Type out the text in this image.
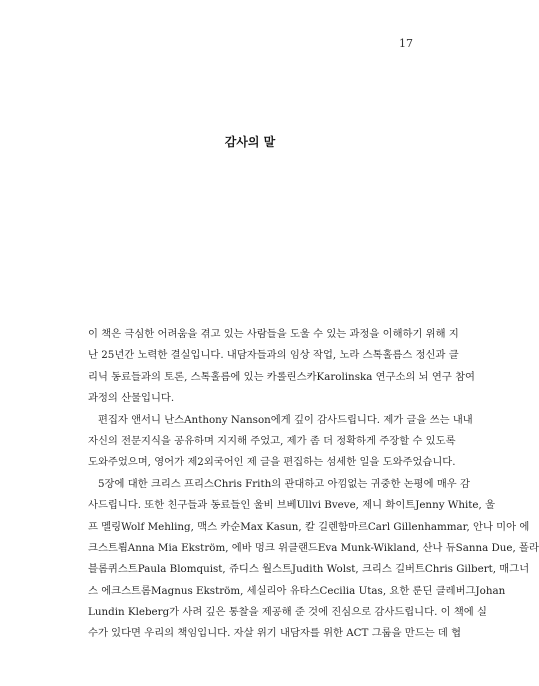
17
감사의 말
이 책은 극심한 어려움을 겪고 있는 사람들을 도울 수 있는 과정을 이해하기 위해 지
난 25년간 노력한 결실입니다. 내담자들과의 임상 작업, 노라 스톡홀름스 정신과 클
리닉 동료들과의 토론, 스톡홀름에 있는 카롤린스카Karolinska 연구소의 뇌 연구 참여
과정의 산물입니다.
편집자 앤서니 난스Anthony Nanson에게 깊이 감사드립니다. 제가 글을 쓰는 내내
자신의 전문지식을 공유하며 지지해 주었고, 제가 좀 더 정확하게 주장할 수 있도록
도와주었으며, 영어가 제2외국어인 제 글을 편집하는 섬세한 일을 도와주었습니다.
5장에 대한 크리스 프리스Chris Frith의 관대하고 아낌없는 귀중한 논평에 매우 감
사드립니다. 또한 친구들과 동료들인 울비 브베Ullvi Bveve, 제니 화이트Jenny White, 울
프 멜링Wolf Mehling, 맥스 카순Max Kasun, 칼 길렌함마르Carl Gillenhammar, 안나 미아 에
크스트룀Anna Mia Ekström, 에바 멍크 위클랜드Eva Munk-Wikland, 산나 듀Sanna Due, 폴라
블롬퀴스트Paula Blomquist, 쥬디스 월스트Judith Wolst, 크리스 길버트Chris Gilbert, 매그너
스 에크스트롬Magnus Ekström, 세실리아 유타스Cecilia Utas, 요한 룬딘 클레버그Johan
Lundin Kleberg가 사려 깊은 통찰을 제공해 준 것에 진심으로 감사드립니다. 이 책에 실
수가 있다면 우리의 책임입니다. 자살 위기 내담자를 위한 ACT 그룹을 만드는 데 협
